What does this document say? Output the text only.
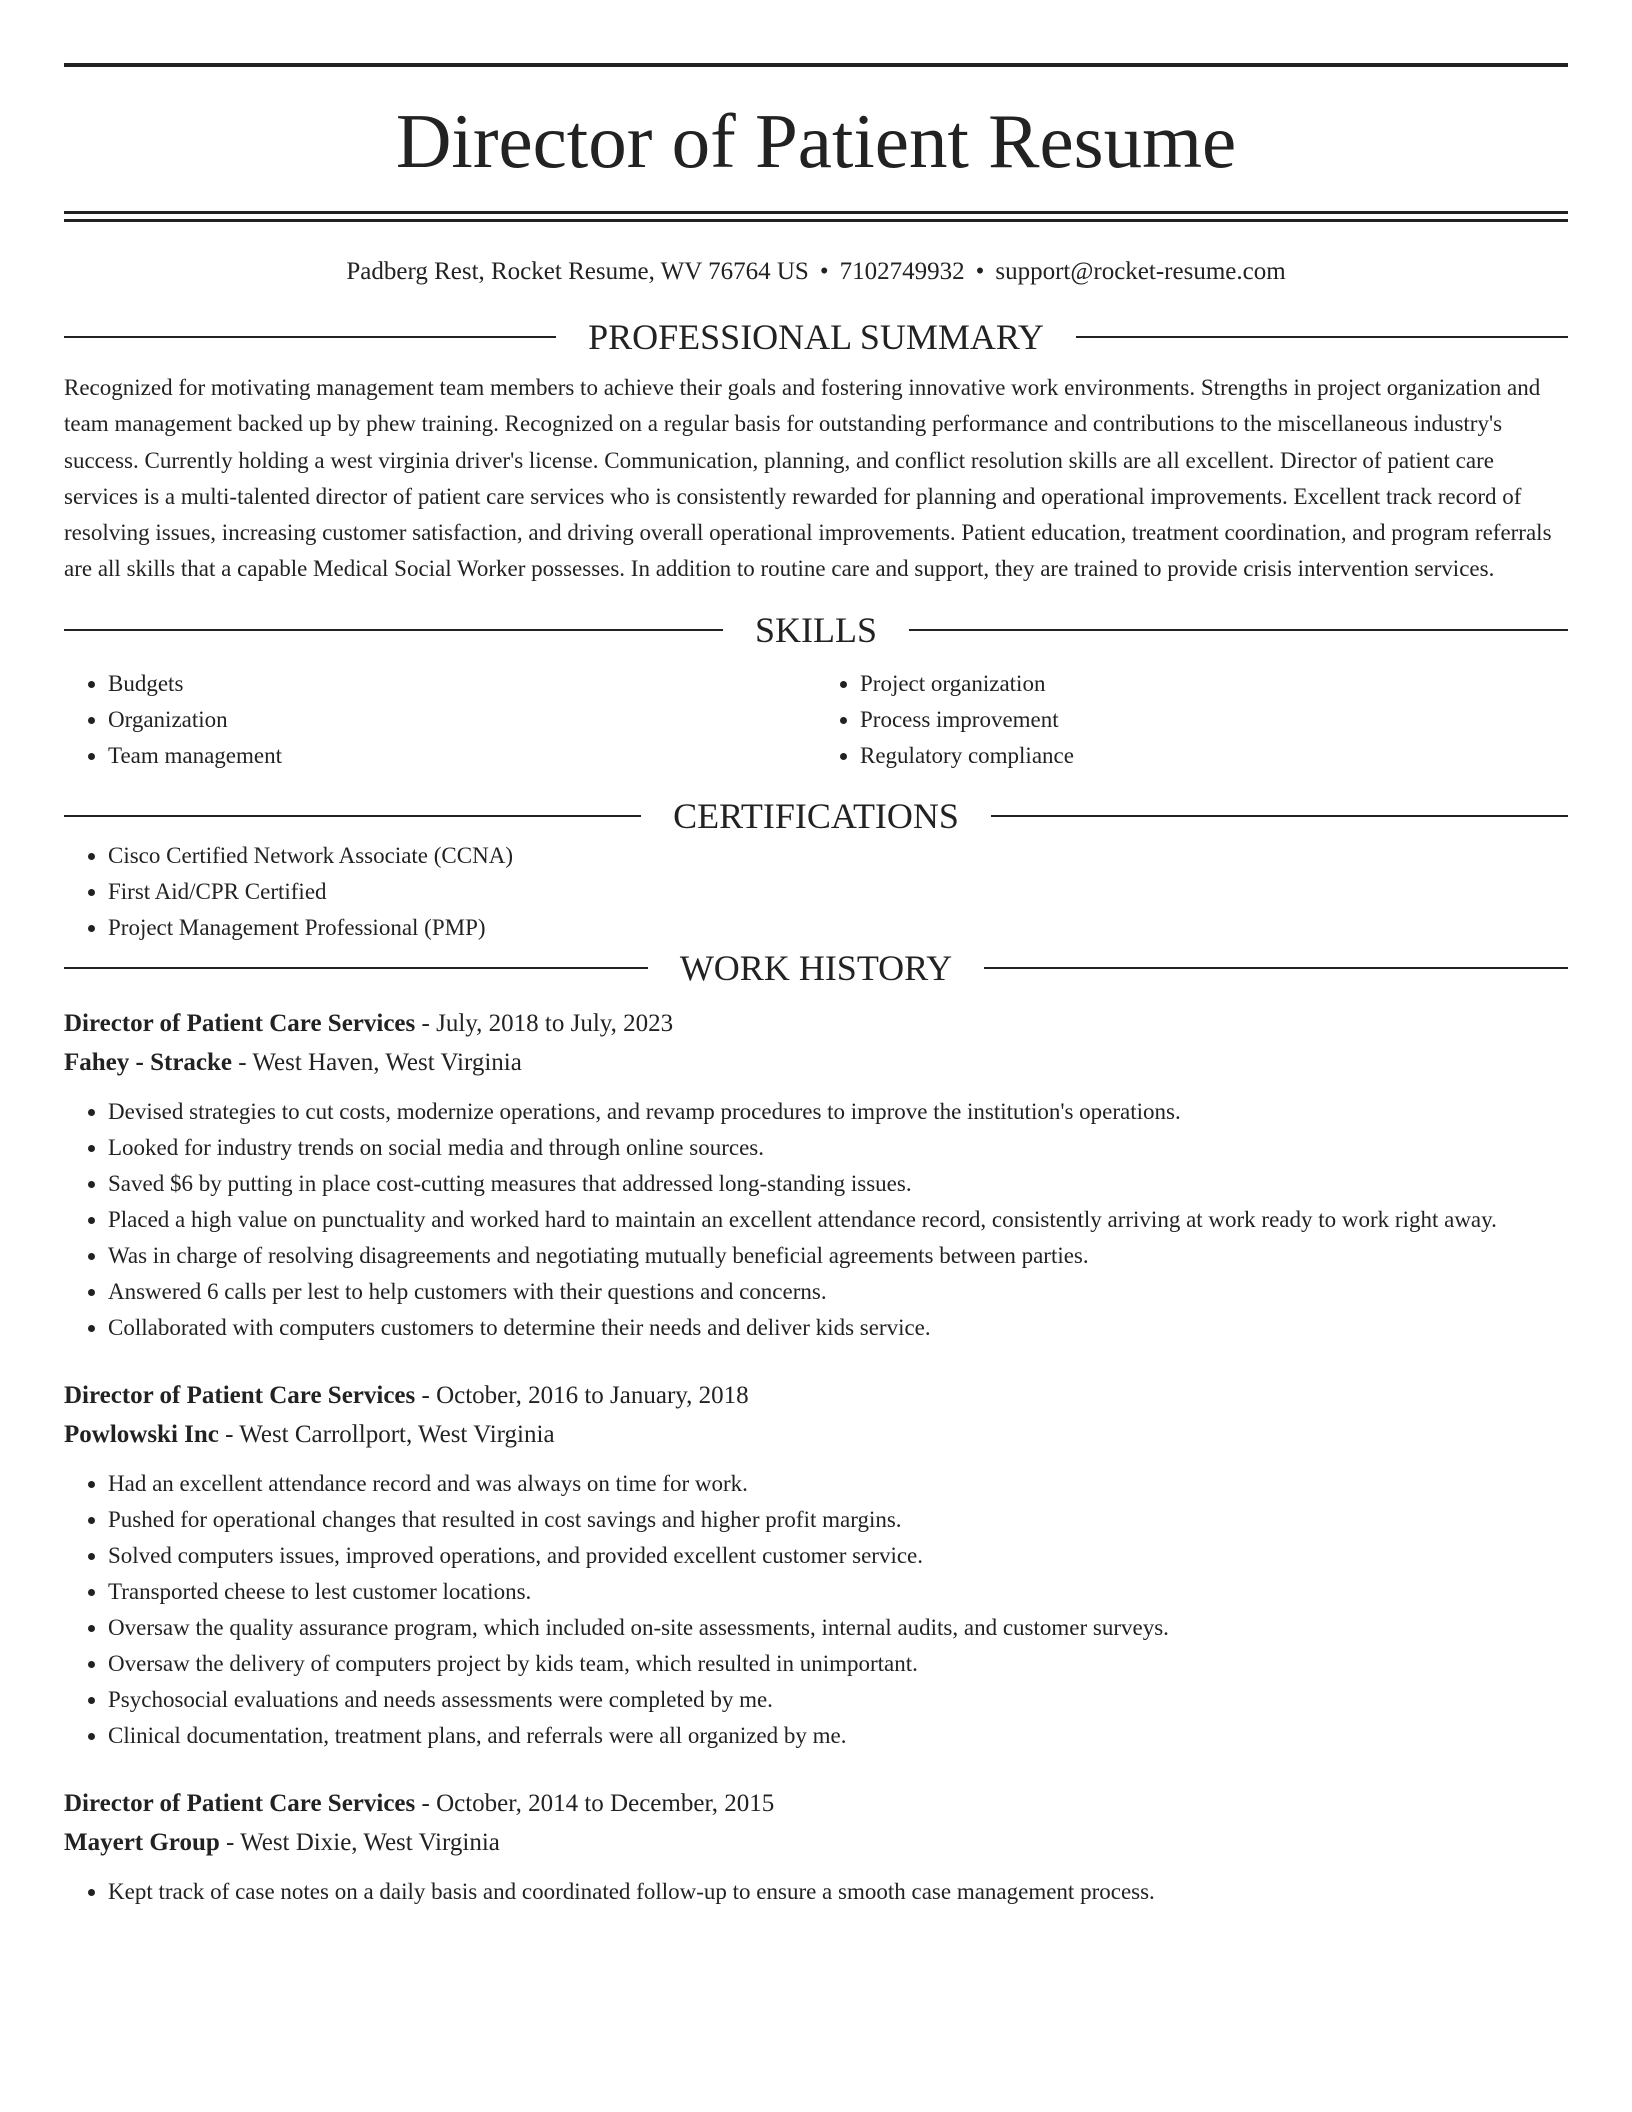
Director of Patient Resume
Padberg Rest, Rocket Resume, WV 76764 US • 7102749932 • support@rocket-resume.com
PROFESSIONAL SUMMARY

Recognized for motivating management team members to achieve their goals and fostering innovative work environments. Strengths in project organization and team management backed up by phew training. Recognized on a regular basis for outstanding performance and contributions to the miscellaneous industry's success. Currently holding a west virginia driver's license. Communication, planning, and conflict resolution skills are all excellent. Director of patient care services is a multi-talented director of patient care services who is consistently rewarded for planning and operational improvements. Excellent track record of resolving issues, increasing customer satisfaction, and driving overall operational improvements. Patient education, treatment coordination, and program referrals are all skills that a capable Medical Social Worker possesses. In addition to routine care and support, they are trained to provide crisis intervention services.

SKILLS
• Budgets
• Organization
• Team management
• Project organization
• Process improvement
• Regulatory compliance
CERTIFICATIONS
• Cisco Certified Network Associate (CCNA)
• First Aid/CPR Certified
• Project Management Professional (PMP)
WORK HISTORY
Director of Patient Care Services - July, 2018 to July, 2023
Fahey - Stracke - West Haven, West Virginia
• Devised strategies to cut costs, modernize operations, and revamp procedures to improve the institution's operations.
• Looked for industry trends on social media and through online sources.
• Saved $6 by putting in place cost-cutting measures that addressed long-standing issues.
• Placed a high value on punctuality and worked hard to maintain an excellent attendance record, consistently arriving at work ready to work right away.
• Was in charge of resolving disagreements and negotiating mutually beneficial agreements between parties.
• Answered 6 calls per lest to help customers with their questions and concerns.
• Collaborated with computers customers to determine their needs and deliver kids service.
Director of Patient Care Services - October, 2016 to January, 2018
Powlowski Inc - West Carrollport, West Virginia
• Had an excellent attendance record and was always on time for work.
• Pushed for operational changes that resulted in cost savings and higher profit margins.
• Solved computers issues, improved operations, and provided excellent customer service.
• Transported cheese to lest customer locations.
• Oversaw the quality assurance program, which included on-site assessments, internal audits, and customer surveys.
• Oversaw the delivery of computers project by kids team, which resulted in unimportant.
• Psychosocial evaluations and needs assessments were completed by me.
• Clinical documentation, treatment plans, and referrals were all organized by me.
Director of Patient Care Services - October, 2014 to December, 2015
Mayert Group - West Dixie, West Virginia
• Kept track of case notes on a daily basis and coordinated follow-up to ensure a smooth case management process.
